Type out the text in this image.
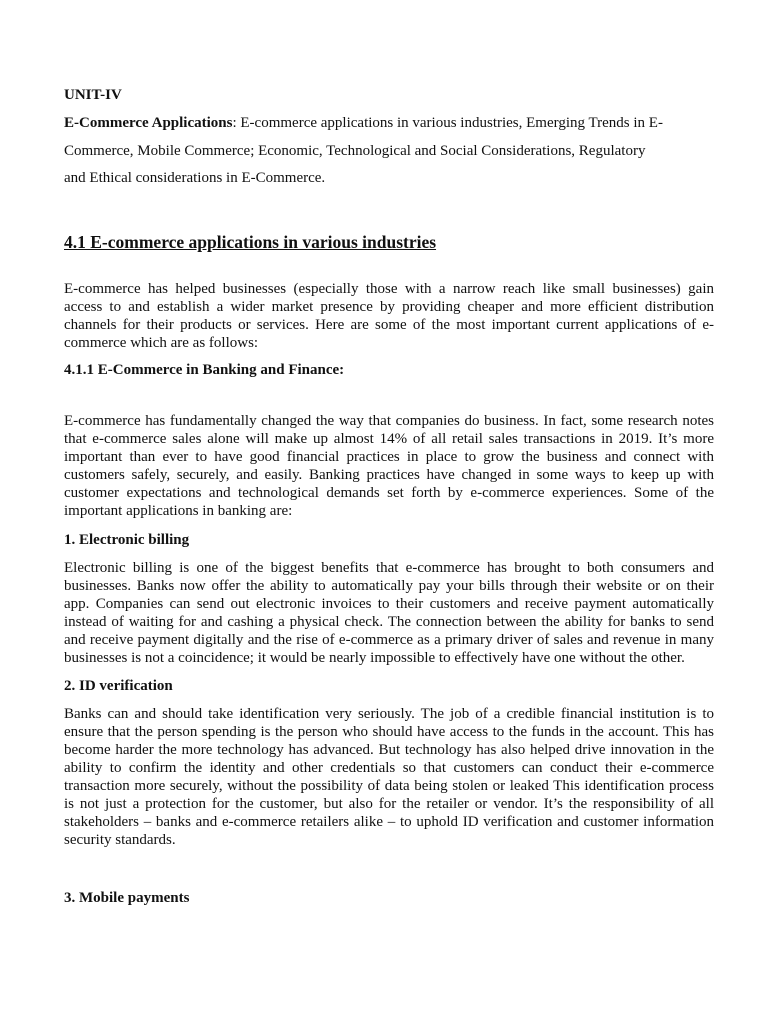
UNIT-IV
E-Commerce Applications: E-commerce applications in various industries, Emerging Trends in E-
Commerce, Mobile Commerce; Economic, Technological and Social Considerations, Regulatory
and Ethical considerations in E-Commerce.
4.1 E-commerce applications in various industries
E-commerce has helped businesses (especially those with a narrow reach like small businesses) gain
access to and establish a wider market presence by providing cheaper and more efficient distribution
channels for their products or services. Here are some of the most important current applications of e-
commerce which are as follows:
4.1.1 E-Commerce in Banking and Finance:
E-commerce has fundamentally changed the way that companies do business. In fact, some research notes
that e-commerce sales alone will make up almost 14% of all retail sales transactions in 2019. It’s more
important than ever to have good financial practices in place to grow the business and connect with
customers safely, securely, and easily. Banking practices have changed in some ways to keep up with
customer expectations and technological demands set forth by e-commerce experiences. Some of the
important applications in banking are:
1. Electronic billing
Electronic billing is one of the biggest benefits that e-commerce has brought to both consumers and
businesses. Banks now offer the ability to automatically pay your bills through their website or on their
app. Companies can send out electronic invoices to their customers and receive payment automatically
instead of waiting for and cashing a physical check. The connection between the ability for banks to send
and receive payment digitally and the rise of e-commerce as a primary driver of sales and revenue in many
businesses is not a coincidence; it would be nearly impossible to effectively have one without the other.
2. ID verification
Banks can and should take identification very seriously. The job of a credible financial institution is to
ensure that the person spending is the person who should have access to the funds in the account. This has
become harder the more technology has advanced. But technology has also helped drive innovation in the
ability to confirm the identity and other credentials so that customers can conduct their e-commerce
transaction more securely, without the possibility of data being stolen or leaked This identification process
is not just a protection for the customer, but also for the retailer or vendor. It’s the responsibility of all
stakeholders – banks and e-commerce retailers alike – to uphold ID verification and customer information
security standards.
3. Mobile payments
